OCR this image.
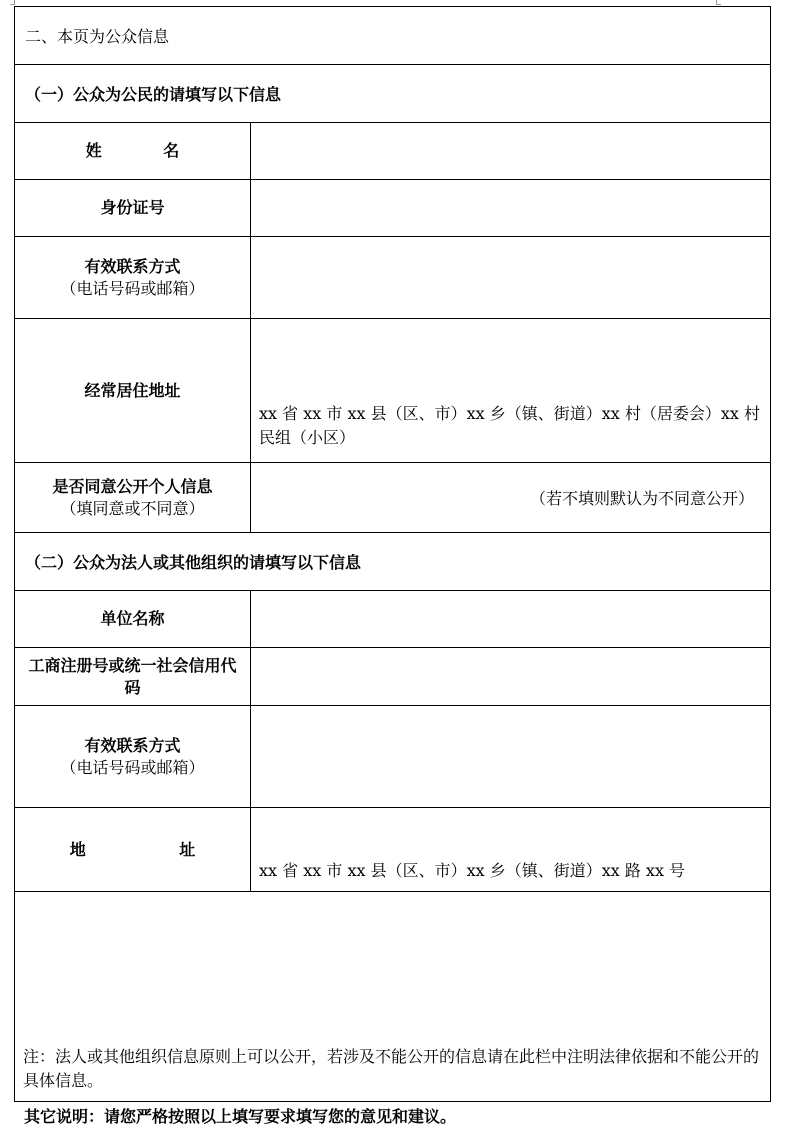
二、本页为公众信息	
（一）公众为公民的请填写以下信息	

姓 名	

身份证号	

有效联系方式
（电话号码或邮箱）	

经常居住地址	xx 省 xx 市 xx 县（区、市）xx 乡（镇、街道）xx 村（居委会）xx 村民组（小区）

是否同意公开个人信息
（填同意或不同意）	（若不填则默认为不同意公开）
（二）公众为法人或其他组织的请填写以下信息	

单位名称	

工商注册号或统一社会信用代码	

有效联系方式
（电话号码或邮箱）	

地 址	xx 省 xx 市 xx 县（区、市）xx 乡（镇、街道）xx 路 xx 号
注：法人或其他组织信息原则上可以公开，若涉及不能公开的信息请在此栏中注明法律依据和不能公开的具体信息。	
其它说明：请您严格按照以上填写要求填写您的意见和建议。
